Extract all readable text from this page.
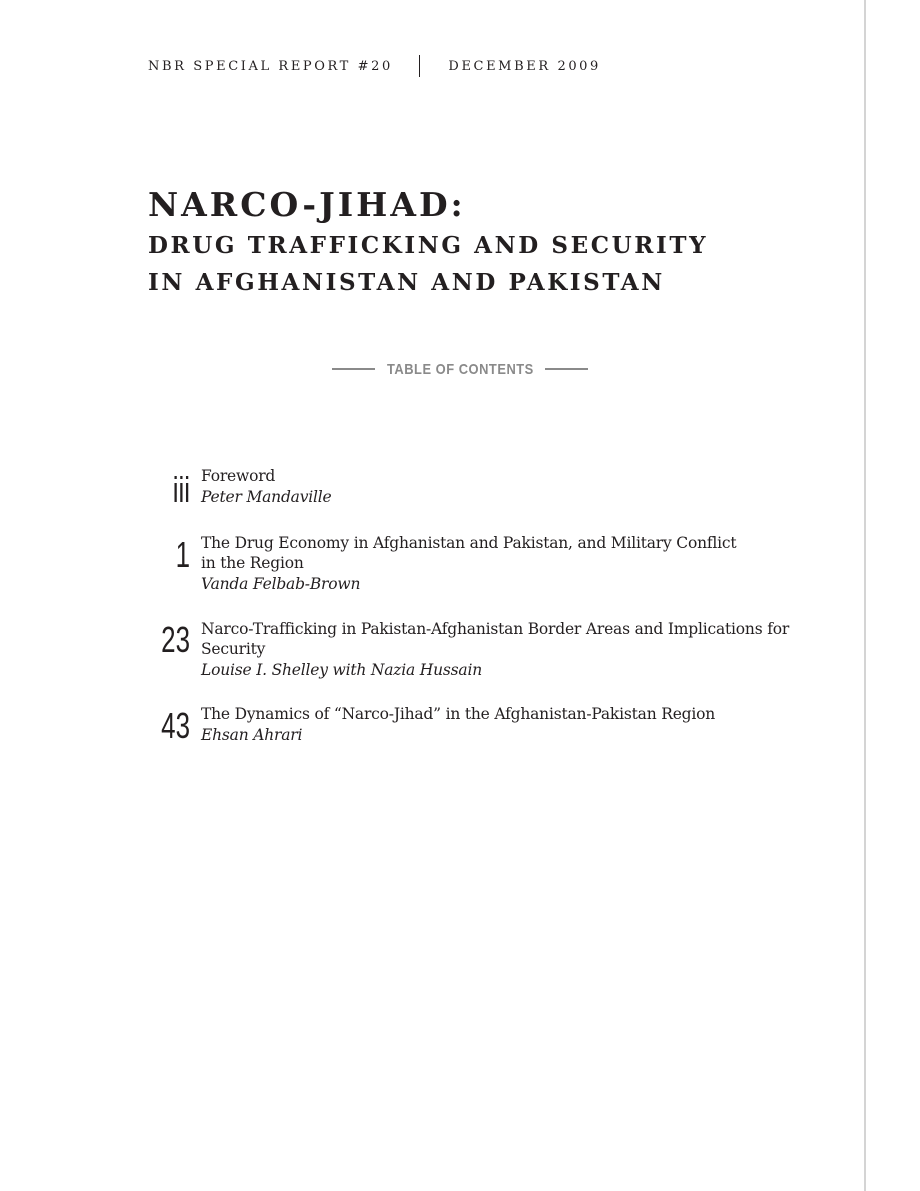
NBR SPECIAL REPORT #20	DECEMBER 2009
NARCO-JIHAD:
DRUG TRAFFICKING AND SECURITY
IN AFGHANISTAN AND PAKISTAN
TABLE OF CONTENTS
iii Foreword
Peter Mandaville
1 The Drug Economy in Afghanistan and Pakistan, and Military Conflict
in the Region
Vanda Felbab-Brown
23 Narco-Trafficking in Pakistan-Afghanistan Border Areas and Implications for
Security
Louise I. Shelley with Nazia Hussain
43 The Dynamics of “Narco-Jihad” in the Afghanistan-Pakistan Region
Ehsan Ahrari
